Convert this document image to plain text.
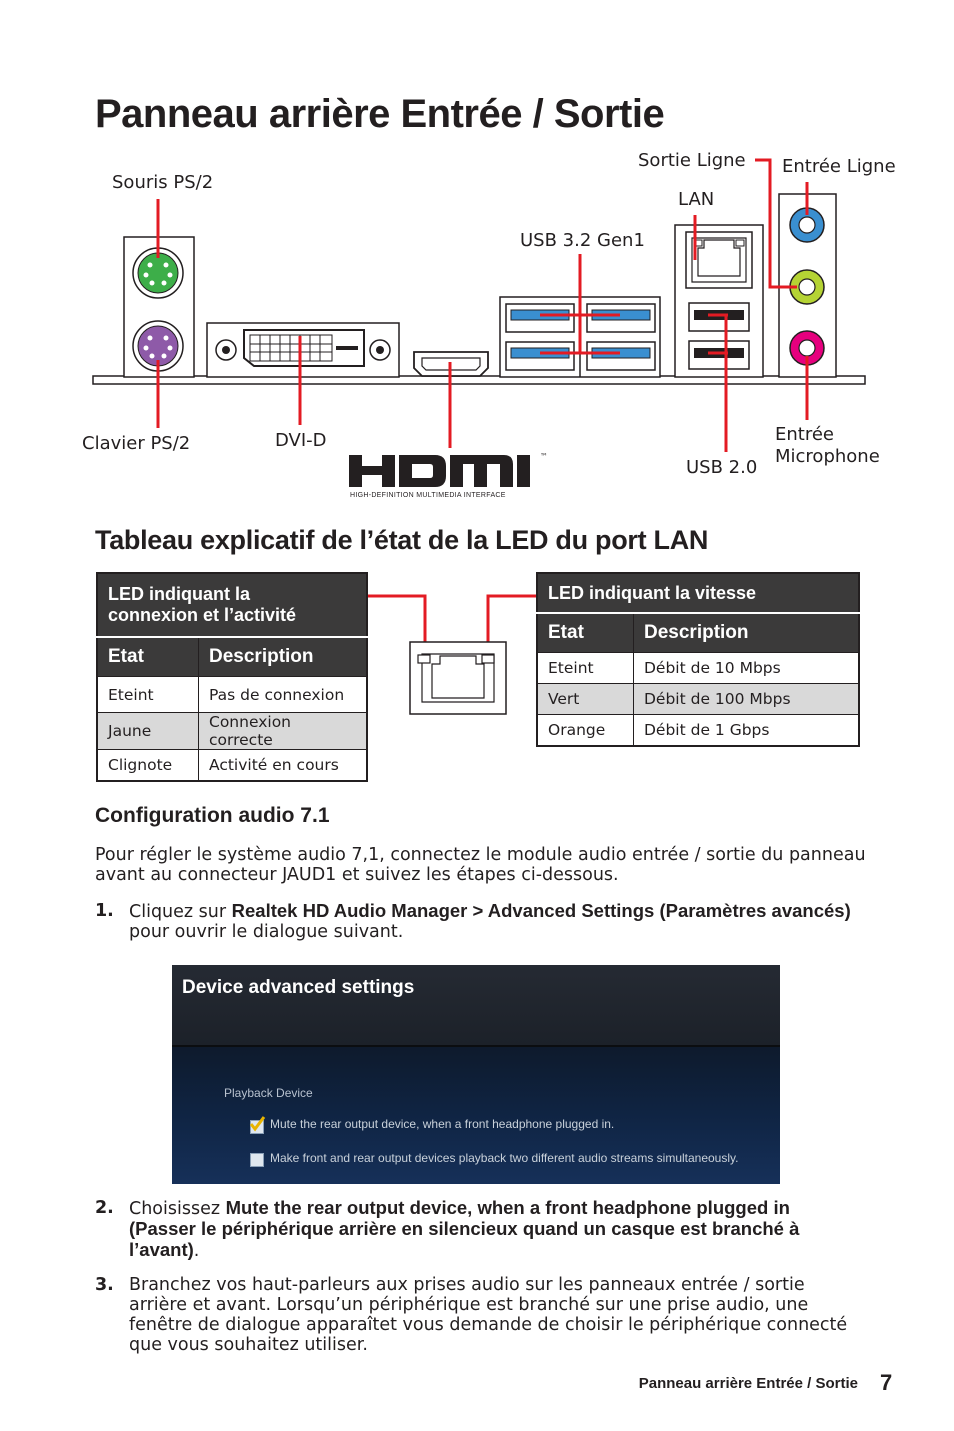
Panneau arrière Entrée / Sortie
Souris PS/2
Clavier PS/2	DVI-D
USB 3.2 Gen1
LAN
Sortie Ligne Entrée Ligne
USB 2.0
Entrée
Microphone
HIGH-DEFINITION MULTIMEDIA INTERFACE
™
Tableau explicatif de l’état de la LED du port LAN
LED indiquant la
connexion et l’activité	
Etat	Description
Eteint	Pas de connexion
Jaune	Connexion correcte
Clignote	Activité en cours
LED indiquant la vitesse	
Etat	Description
Eteint	Débit de 10 Mbps
Vert	Débit de 100 Mbps
Orange	Débit de 1 Gbps
Configuration audio 7.1
Pour régler le système audio 7,1, connectez le module audio entrée / sortie du panneau avant au connecteur JAUD1 et suivez les étapes ci-dessous.
1. Cliquez sur Realtek HD Audio Manager > Advanced Settings (Paramètres avancés) pour ouvrir le dialogue suivant.
Device advanced settings
Playback Device
Mute the rear output device, when a front headphone plugged in.
Make front and rear output devices playback two different audio streams simultaneously.
2. Choisissez Mute the rear output device, when a front headphone plugged in (Passer le périphérique arrière en silencieux quand un casque est branché à l’avant).
3. Branchez vos haut-parleurs aux prises audio sur les panneaux entrée / sortie arrière et avant. Lorsqu’un périphérique est branché sur une prise audio, une fenêtre de dialogue apparaîtet vous demande de choisir le périphérique connecté que vous souhaitez utiliser.
Panneau arrière Entrée / Sortie 7
